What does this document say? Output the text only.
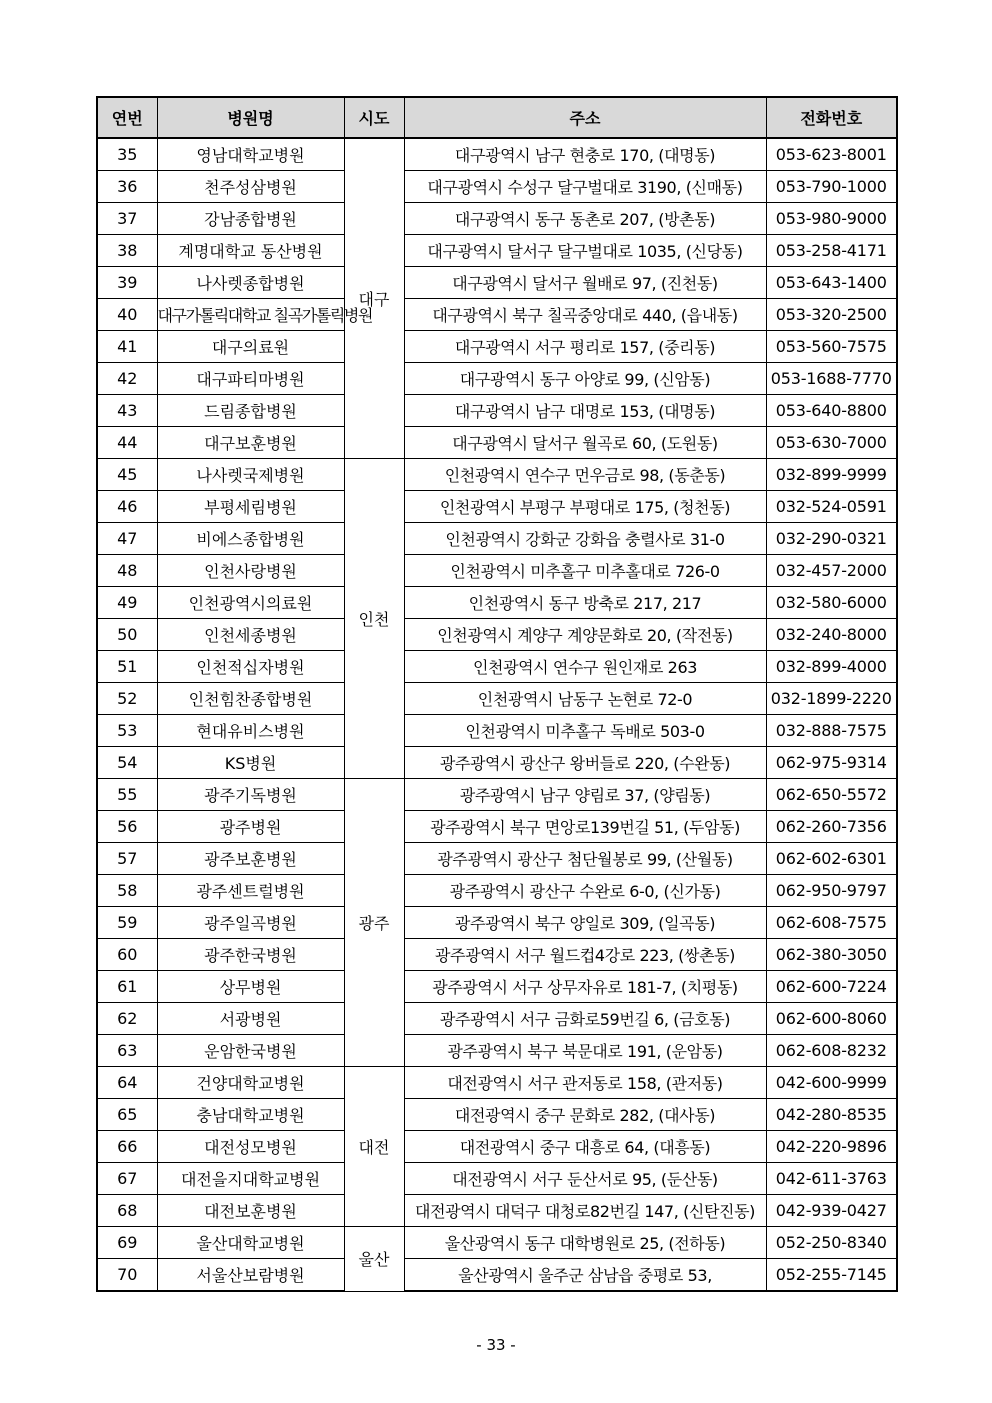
연번	병원명	시도	주소	전화번호
35	영남대학교병원	대구	대구광역시 남구 현충로 170, (대명동)	053-623-8001
36	천주성삼병원		대구광역시 수성구 달구벌대로 3190, (신매동)	053-790-1000
37	강남종합병원		대구광역시 동구 동촌로 207, (방촌동)	053-980-9000
38	계명대학교 동산병원		대구광역시 달서구 달구벌대로 1035, (신당동)	053-258-4171
39	나사렛종합병원		대구광역시 달서구 월배로 97, (진천동)	053-643-1400
40	대구가톨릭대학교 칠곡가톨릭병원		대구광역시 북구 칠곡중앙대로 440, (읍내동)	053-320-2500
41	대구의료원		대구광역시 서구 평리로 157, (중리동)	053-560-7575
42	대구파티마병원		대구광역시 동구 아양로 99, (신암동)	053-1688-7770
43	드림종합병원		대구광역시 남구 대명로 153, (대명동)	053-640-8800
44	대구보훈병원		대구광역시 달서구 월곡로 60, (도원동)	053-630-7000
45	나사렛국제병원	인천	인천광역시 연수구 먼우금로 98, (동춘동)	032-899-9999
46	부평세림병원		인천광역시 부평구 부평대로 175, (청천동)	032-524-0591
47	비에스종합병원		인천광역시 강화군 강화읍 충렬사로 31-0	032-290-0321
48	인천사랑병원		인천광역시 미추홀구 미추홀대로 726-0	032-457-2000
49	인천광역시의료원		인천광역시 동구 방축로 217, 217	032-580-6000
50	인천세종병원		인천광역시 계양구 계양문화로 20, (작전동)	032-240-8000
51	인천적십자병원		인천광역시 연수구 원인재로 263	032-899-4000
52	인천힘찬종합병원		인천광역시 남동구 논현로 72-0	032-1899-2220
53	현대유비스병원		인천광역시 미추홀구 독배로 503-0	032-888-7575
54	KS병원		광주광역시 광산구 왕버들로 220, (수완동)	062-975-9314
55	광주기독병원	광주	광주광역시 남구 양림로 37, (양림동)	062-650-5572
56	광주병원		광주광역시 북구 면앙로139번길 51, (두암동)	062-260-7356
57	광주보훈병원		광주광역시 광산구 첨단월봉로 99, (산월동)	062-602-6301
58	광주센트럴병원		광주광역시 광산구 수완로 6-0, (신가동)	062-950-9797
59	광주일곡병원		광주광역시 북구 양일로 309, (일곡동)	062-608-7575
60	광주한국병원		광주광역시 서구 월드컵4강로 223, (쌍촌동)	062-380-3050
61	상무병원		광주광역시 서구 상무자유로 181-7, (치평동)	062-600-7224
62	서광병원		광주광역시 서구 금화로59번길 6, (금호동)	062-600-8060
63	운암한국병원		광주광역시 북구 북문대로 191, (운암동)	062-608-8232
64	건양대학교병원	대전	대전광역시 서구 관저동로 158, (관저동)	042-600-9999
65	충남대학교병원		대전광역시 중구 문화로 282, (대사동)	042-280-8535
66	대전성모병원		대전광역시 중구 대흥로 64, (대흥동)	042-220-9896
67	대전을지대학교병원		대전광역시 서구 둔산서로 95, (둔산동)	042-611-3763
68	대전보훈병원		대전광역시 대덕구 대청로82번길 147, (신탄진동)	042-939-0427
69	울산대학교병원	울산	울산광역시 동구 대학병원로 25, (전하동)	052-250-8340
70	서울산보람병원		울산광역시 울주군 삼남읍 중평로 53,	052-255-7145
- 33 -
